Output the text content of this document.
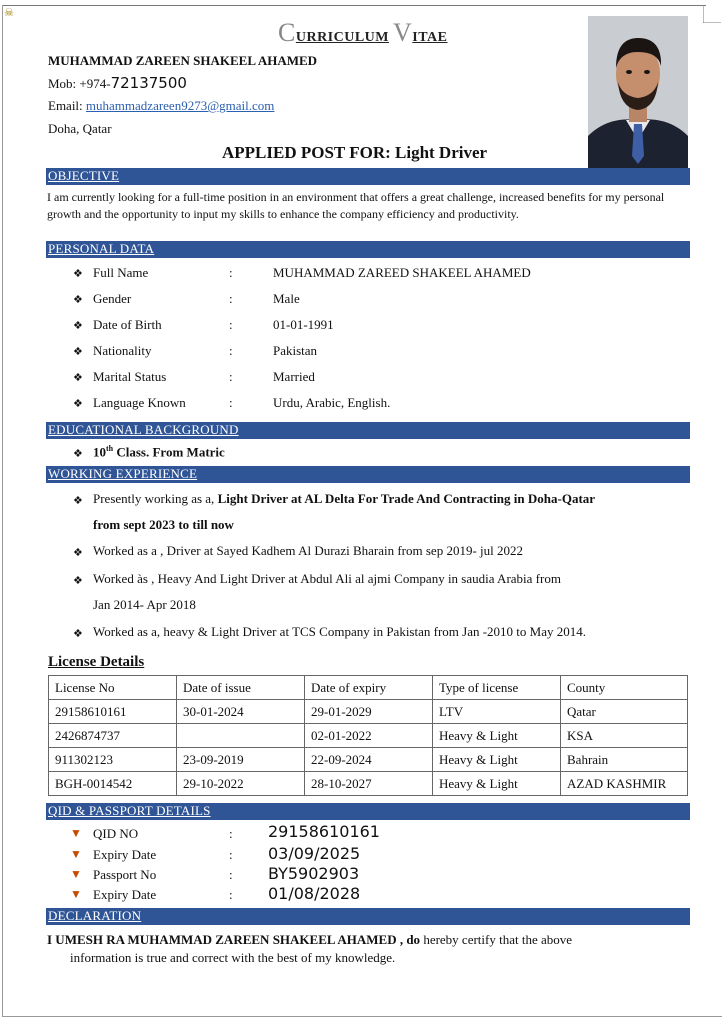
☠
CURRICULUM VITAE
MUHAMMAD ZAREEN SHAKEEL AHAMED
Mob: +974-72137500
Email: muhammadzareen9273@gmail.com
Doha, Qatar
APPLIED POST FOR: Light Driver
OBJECTIVE
I am currently looking for a full-time position in an environment that offers a great challenge, increased benefits for my personal growth and the opportunity to input my skills to enhance the company efficiency and productivity.
PERSONAL DATA
❖ Full Name	:	MUHAMMAD ZAREED SHAKEEL AHAMED
❖ Gender	:	Male
❖ Date of Birth	:	01-01-1991
❖ Nationality	:	Pakistan
❖ Marital Status	:	Married
❖ Language Known	:	Urdu, Arabic, English.
EDUCATIONAL BACKGROUND
❖ 10th Class. From Matric
WORKING EXPERIENCE
❖ Presently working as a, Light Driver at AL Delta For Trade And Contracting in Doha-Qatar
from sept 2023 to till now
❖ Worked as a , Driver at Sayed Kadhem Al Durazi Bharain from sep 2019- jul 2022
❖ Worked às , Heavy And Light Driver at Abdul Ali al ajmi Company in saudia Arabia from
Jan 2014- Apr 2018
❖ Worked as a, heavy & Light Driver at TCS Company in Pakistan from Jan -2010 to May 2014.
License Details
License No	Date of issue	Date of expiry	Type of license	County
29158610161	30-01-2024	29-01-2029	LTV	Qatar
2426874737		02-01-2022	Heavy & Light	KSA
911302123	23-09-2019	22-09-2024	Heavy & Light	Bahrain
BGH-0014542	29-10-2022	28-10-2027	Heavy & Light	AZAD KASHMIR
QID & PASSPORT DETAILS
▼ QID NO	: 29158610161
▼ Expiry Date	: 03/09/2025
▼ Passport No	: BY5902903
▼ Expiry Date	: 01/08/2028
DECLARATION
I UMESH RA MUHAMMAD ZAREEN SHAKEEL AHAMED , do hereby certify that the above
information is true and correct with the best of my knowledge.
